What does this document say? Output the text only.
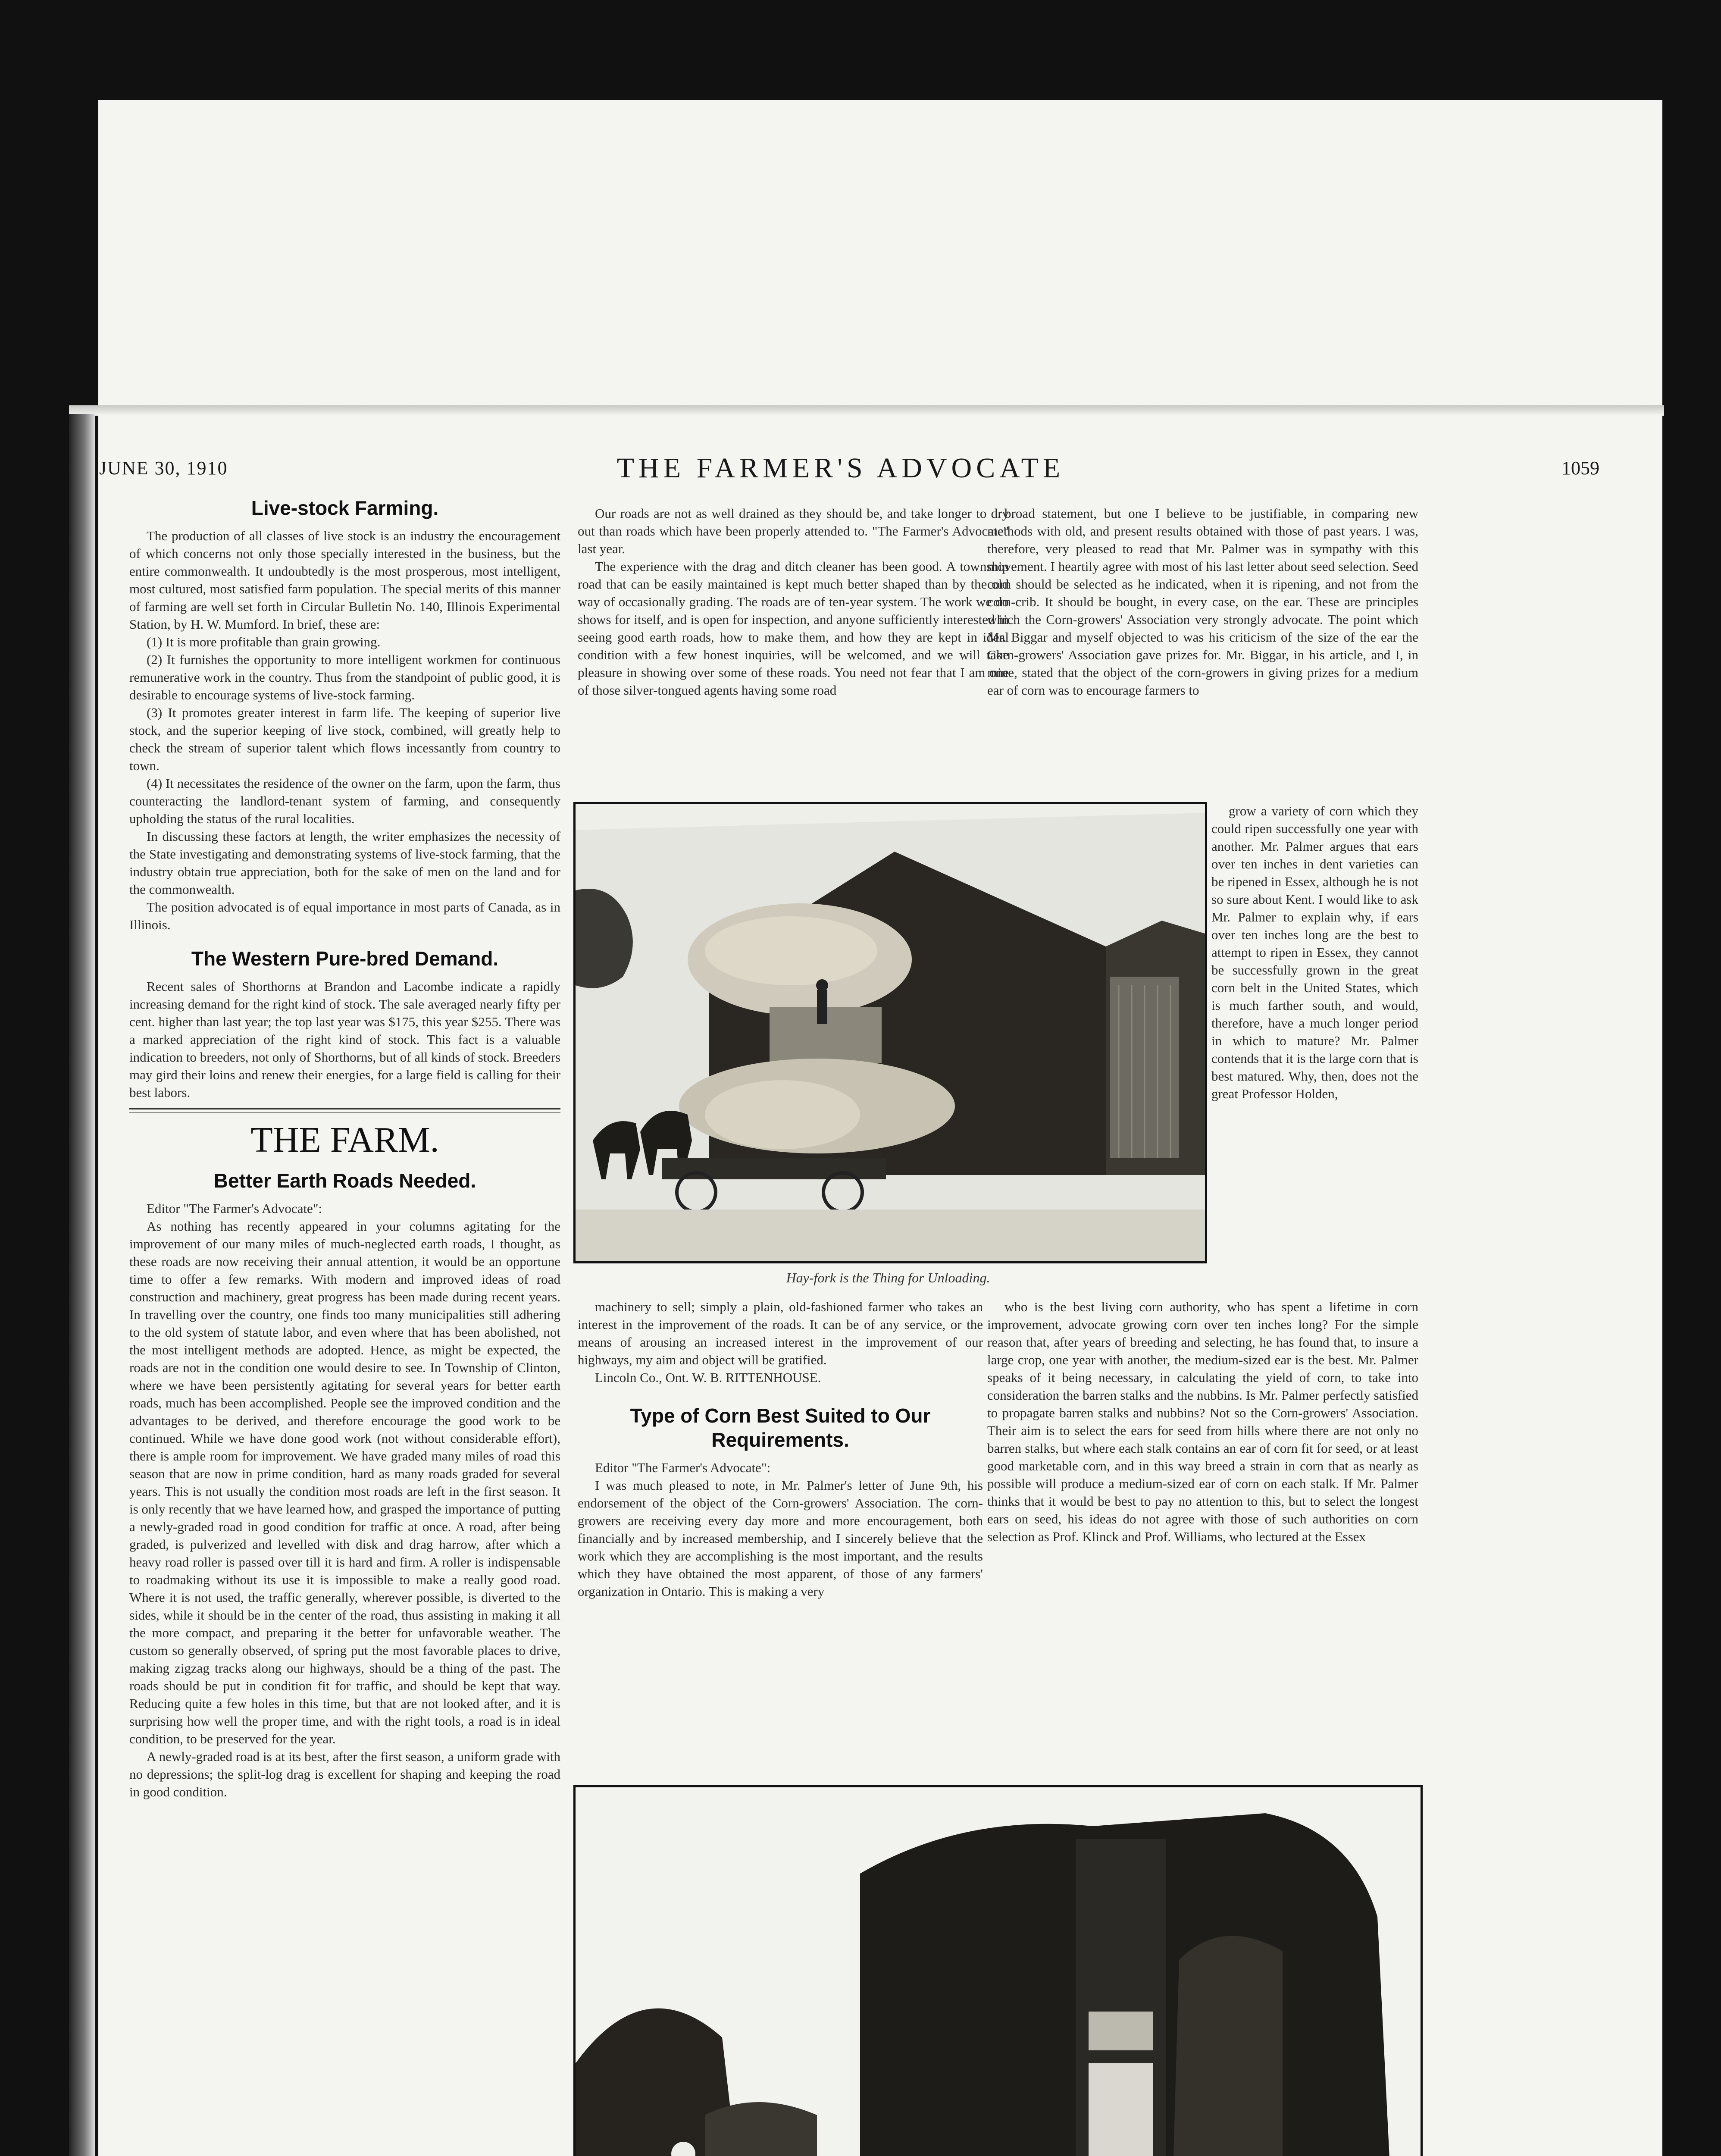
◖
◗
JUNE 30, 1910	THE FARMER'S ADVOCATE	1059
Live-stock Farming.

The production of all classes of live stock is an industry the encouragement of which concerns not only those specially interested in the business, but the entire commonwealth. It undoubtedly is the most prosperous, most intelligent, most cultured, most satisfied farm population. The special merits of this manner of farming are well set forth in Circular Bulletin No. 140, Illinois Experimental Station, by H. W. Mumford. In brief, these are:

(1) It is more profitable than grain growing.

(2) It furnishes the opportunity to more intelligent workmen for continuous remunerative work in the country. Thus from the standpoint of public good, it is desirable to encourage systems of live-stock farming.

(3) It promotes greater interest in farm life. The keeping of superior live stock, and the superior keeping of live stock, combined, will greatly help to check the stream of superior talent which flows incessantly from country to town.

(4) It necessitates the residence of the owner on the farm, upon the farm, thus counteracting the landlord-tenant system of farming, and consequently upholding the status of the rural localities.

In discussing these factors at length, the writer emphasizes the necessity of the State investigating and demonstrating systems of live-stock farming, that the industry obtain true appreciation, both for the sake of men on the land and for the commonwealth.

The position advocated is of equal importance in most parts of Canada, as in Illinois.

The Western Pure-bred Demand.

Recent sales of Shorthorns at Brandon and Lacombe indicate a rapidly increasing demand for the right kind of stock. The sale averaged nearly fifty per cent. higher than last year; the top last year was $175, this year $255. There was a marked appreciation of the right kind of stock. This fact is a valuable indication to breeders, not only of Shorthorns, but of all kinds of stock. Breeders may gird their loins and renew their energies, for a large field is calling for their best labors.

THE FARM.
Better Earth Roads Needed.

Editor "The Farmer's Advocate":

As nothing has recently appeared in your columns agitating for the improvement of our many miles of much-neglected earth roads, I thought, as these roads are now receiving their annual attention, it would be an opportune time to offer a few remarks. With modern and improved ideas of road construction and machinery, great progress has been made during recent years. In travelling over the country, one finds too many municipalities still adhering to the old system of statute labor, and even where that has been abolished, not the most intelligent methods are adopted. Hence, as might be expected, the roads are not in the condition one would desire to see. In Township of Clinton, where we have been persistently agitating for several years for better earth roads, much has been accomplished. People see the improved condition and the advantages to be derived, and therefore encourage the good work to be continued. While we have done good work (not without considerable effort), there is ample room for improvement. We have graded many miles of road this season that are now in prime condition, hard as many roads graded for several years. This is not usually the condition most roads are left in the first season. It is only recently that we have learned how, and grasped the importance of putting a newly-graded road in good condition for traffic at once. A road, after being graded, is pulverized and levelled with disk and drag harrow, after which a heavy road roller is passed over till it is hard and firm. A roller is indispensable to roadmaking without its use it is impossible to make a really good road. Where it is not used, the traffic generally, wherever possible, is diverted to the sides, while it should be in the center of the road, thus assisting in making it all the more compact, and preparing it the better for unfavorable weather. The custom so generally observed, of spring put the most favorable places to drive, making zigzag tracks along our highways, should be a thing of the past. The roads should be put in condition fit for traffic, and should be kept that way. Reducing quite a few holes in this time, but that are not looked after, and it is surprising how well the proper time, and with the right tools, a road is in ideal condition, to be preserved for the year.

A newly-graded road is at its best, after the first season, a uniform grade with no depressions; the split-log drag is excellent for shaping and keeping the road in good condition.

Our roads are not as well drained as they should be, and take longer to dry out than roads which have been properly attended to. "The Farmer's Advocate" last year.

The experience with the drag and ditch cleaner has been good. A township road that can be easily maintained is kept much better shaped than by the old way of occasionally grading. The roads are of ten-year system. The work we do shows for itself, and is open for inspection, and anyone sufficiently interested in seeing good earth roads, how to make them, and how they are kept in ideal condition with a few honest inquiries, will be welcomed, and we will take pleasure in showing over some of these roads. You need not fear that I am one of those silver-tongued agents having some road

broad statement, but one I believe to be justifiable, in comparing new methods with old, and present results obtained with those of past years. I was, therefore, very pleased to read that Mr. Palmer was in sympathy with this movement. I heartily agree with most of his last letter about seed selection. Seed corn should be selected as he indicated, when it is ripening, and not from the corn-crib. It should be bought, in every case, on the ear. These are principles which the Corn-growers' Association very strongly advocate. The point which Mr. Biggar and myself objected to was his criticism of the size of the ear the Corn-growers' Association gave prizes for. Mr. Biggar, in his article, and I, in mine, stated that the object of the corn-growers in giving prizes for a medium ear of corn was to encourage farmers to

Hay-fork is the Thing for Unloading.

grow a variety of corn which they could ripen successfully one year with another. Mr. Palmer argues that ears over ten inches in dent varieties can be ripened in Essex, although he is not so sure about Kent. I would like to ask Mr. Palmer to explain why, if ears over ten inches long are the best to attempt to ripen in Essex, they cannot be successfully grown in the great corn belt in the United States, which is much farther south, and would, therefore, have a much longer period in which to mature? Mr. Palmer contends that it is the large corn that is best matured. Why, then, does not the great Professor Holden,

machinery to sell; simply a plain, old-fashioned farmer who takes an interest in the improvement of the roads. It can be of any service, or the means of arousing an increased interest in the improvement of our highways, my aim and object will be gratified.

Lincoln Co., Ont. W. B. RITTENHOUSE.

Type of Corn Best Suited to Our Requirements.

Editor "The Farmer's Advocate":

I was much pleased to note, in Mr. Palmer's letter of June 9th, his endorsement of the object of the Corn-growers' Association. The corn-growers are receiving every day more and more encouragement, both financially and by increased membership, and I sincerely believe that the work which they are accomplishing is the most important, and the results which they have obtained the most apparent, of those of any farmers' organization in Ontario. This is making a very

who is the best living corn authority, who has spent a lifetime in corn improvement, advocate growing corn over ten inches long? For the simple reason that, after years of breeding and selecting, he has found that, to insure a large crop, one year with another, the medium-sized ear is the best. Mr. Palmer speaks of it being necessary, in calculating the yield of corn, to take into consideration the barren stalks and the nubbins. Is Mr. Palmer perfectly satisfied to propagate barren stalks and nubbins? Not so the Corn-growers' Association. Their aim is to select the ears for seed from hills where there are not only no barren stalks, but where each stalk contains an ear of corn fit for seed, or at least good marketable corn, and in this way breed a strain in corn that as nearly as possible will produce a medium-sized ear of corn on each stalk. If Mr. Palmer thinks that it would be best to pay no attention to this, but to select the longest ears on seed, his ideas do not agree with those of such authorities on corn selection as Prof. Klinck and Prof. Williams, who lectured at the Essex
